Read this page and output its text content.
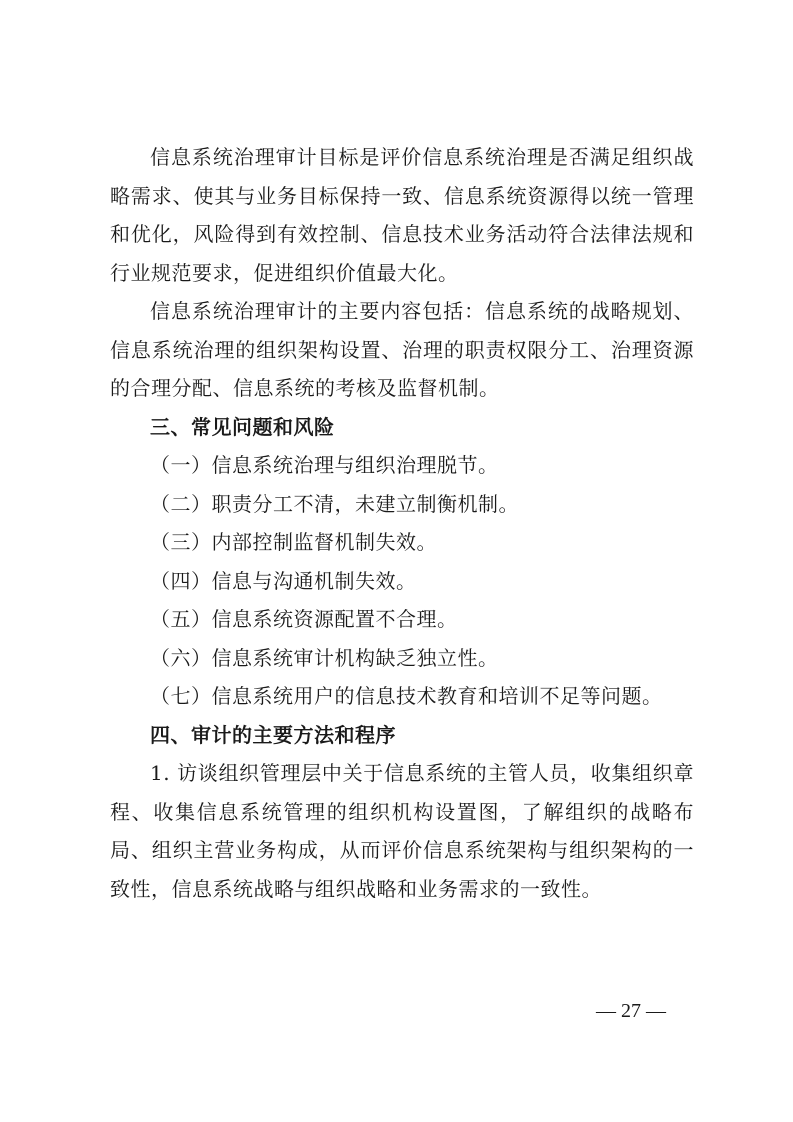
信息系统治理审计目标是评价信息系统治理是否满足组织战略需求、使其与业务目标保持一致、信息系统资源得以统一管理和优化，风险得到有效控制、信息技术业务活动符合法律法规和行业规范要求，促进组织价值最大化。

信息系统治理审计的主要内容包括：信息系统的战略规划、信息系统治理的组织架构设置、治理的职责权限分工、治理资源的合理分配、信息系统的考核及监督机制。

三、常见问题和风险

（一）信息系统治理与组织治理脱节。

（二）职责分工不清，未建立制衡机制。

（三）内部控制监督机制失效。

（四）信息与沟通机制失效。

（五）信息系统资源配置不合理。

（六）信息系统审计机构缺乏独立性。

（七）信息系统用户的信息技术教育和培训不足等问题。

四、审计的主要方法和程序

1. 访谈组织管理层中关于信息系统的主管人员，收集组织章程、收集信息系统管理的组织机构设置图，了解组织的战略布局、组织主营业务构成，从而评价信息系统架构与组织架构的一致性，信息系统战略与组织战略和业务需求的一致性。

— 27 —
